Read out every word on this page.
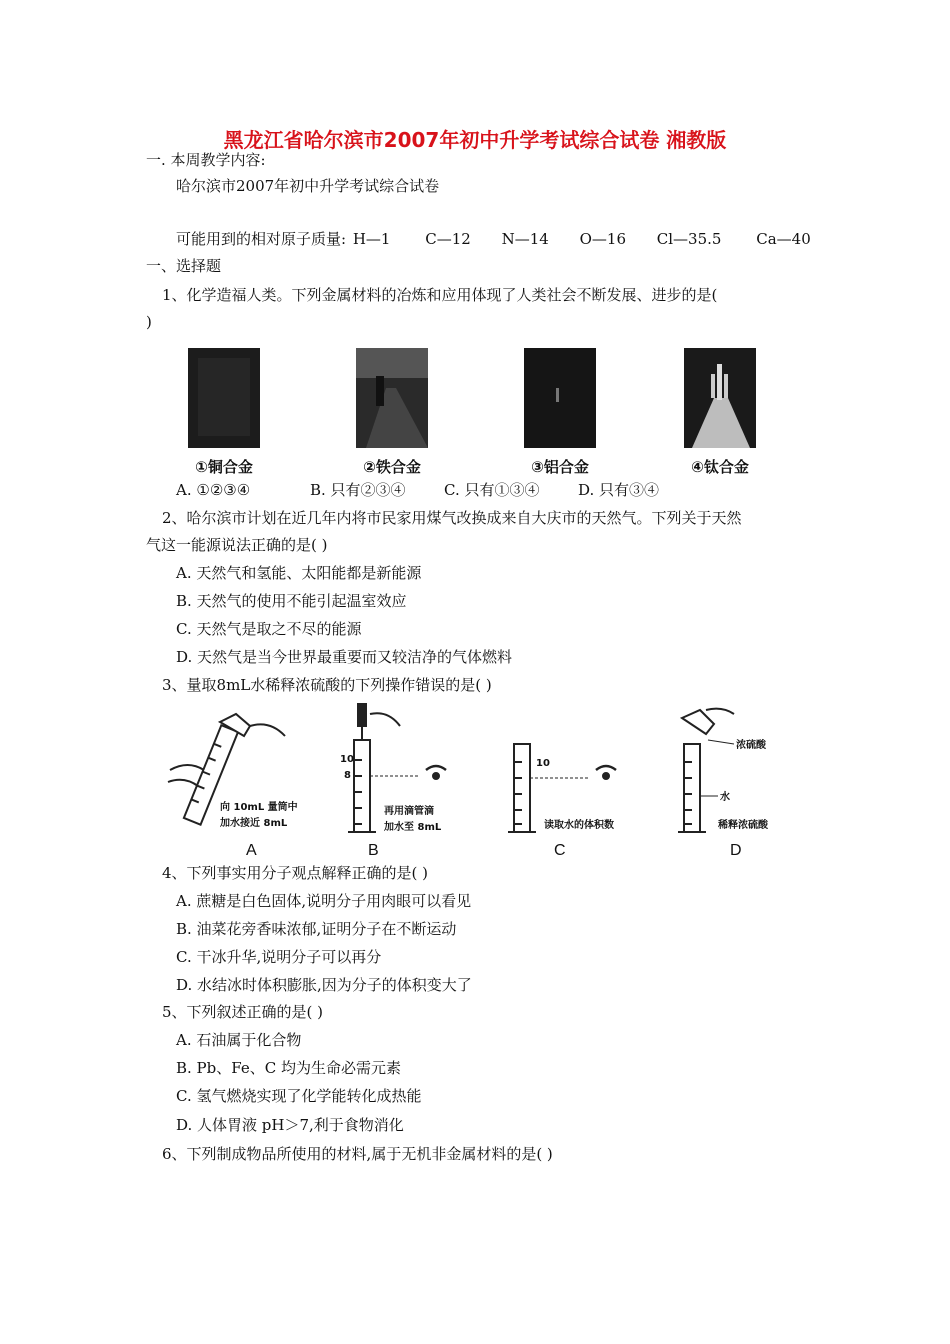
黑龙江省哈尔滨市2007年初中升学考试综合试卷 湘教版
一. 本周教学内容:
哈尔滨市2007年初中升学考试综合试卷
可能用到的相对原子质量: H—1 C—12 N—14 O—16 Cl—35.5 Ca—40
一、选择题
1、化学造福人类。下列金属材料的冶炼和应用体现了人类社会不断发展、进步的是(
)
①铜合金	②铁合金	③铝合金	④钛合金
A. ①②③④	B. 只有②③④	C. 只有①③④	D. 只有③④
2、哈尔滨市计划在近几年内将市民家用煤气改换成来自大庆市的天然气。下列关于天然
气这一能源说法正确的是( )
A. 天然气和氢能、太阳能都是新能源
B. 天然气的使用不能引起温室效应
C. 天然气是取之不尽的能源
D. 天然气是当今世界最重要而又较洁净的气体燃料
3、量取8mL水稀释浓硫酸的下列操作错误的是( )
向 10mL 量筒中
加水接近 8mL
A
10
8
再用滴管滴
加水至 8mL
B
10
读取水的体积数
C
浓硫酸
水
稀释浓硫酸
D
4、下列事实用分子观点解释正确的是( )
A. 蔗糖是白色固体,说明分子用肉眼可以看见
B. 油菜花旁香味浓郁,证明分子在不断运动
C. 干冰升华,说明分子可以再分
D. 水结冰时体积膨胀,因为分子的体积变大了
5、下列叙述正确的是( )
A. 石油属于化合物
B. Pb、Fe、C 均为生命必需元素
C. 氢气燃烧实现了化学能转化成热能
D. 人体胃液 pH＞7,利于食物消化
6、下列制成物品所使用的材料,属于无机非金属材料的是( )
